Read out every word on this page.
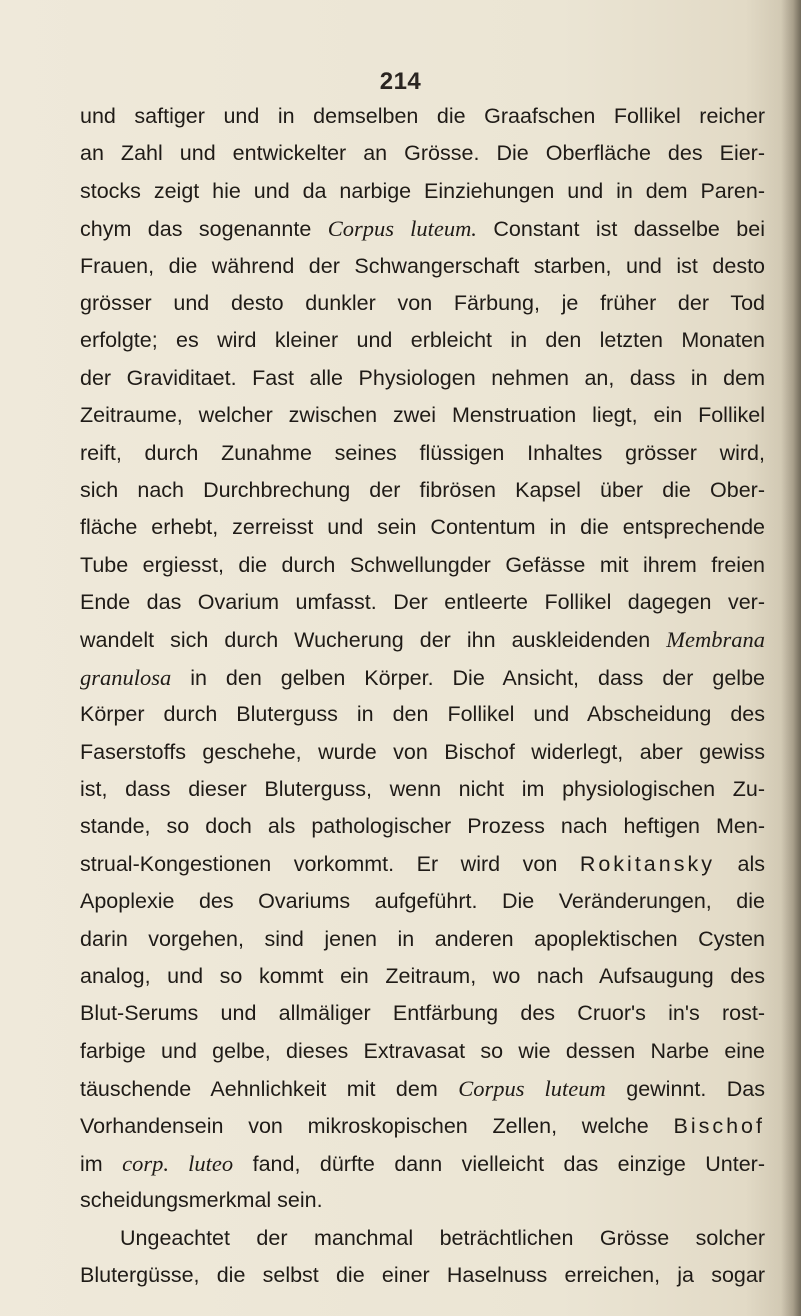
214
und saftiger und in demselben die Graafschen Follikel reicher
an Zahl und entwickelter an Grösse. Die Oberfläche des Eier-
stocks zeigt hie und da narbige Einziehungen und in dem Paren-
chym das sogenannte Corpus luteum. Constant ist dasselbe bei
Frauen, die während der Schwangerschaft starben, und ist desto
grösser und desto dunkler von Färbung, je früher der Tod
erfolgte; es wird kleiner und erbleicht in den letzten Monaten
der Graviditaet. Fast alle Physiologen nehmen an, dass in dem
Zeitraume, welcher zwischen zwei Menstruation liegt, ein Follikel
reift, durch Zunahme seines flüssigen Inhaltes grösser wird,
sich nach Durchbrechung der fibrösen Kapsel über die Ober-
fläche erhebt, zerreisst und sein Contentum in die entsprechende
Tube ergiesst, die durch Schwellungder Gefässe mit ihrem freien
Ende das Ovarium umfasst. Der entleerte Follikel dagegen ver-
wandelt sich durch Wucherung der ihn auskleidenden Membrana
granulosa in den gelben Körper. Die Ansicht, dass der gelbe
Körper durch Bluterguss in den Follikel und Abscheidung des
Faserstoffs geschehe, wurde von Bischof widerlegt, aber gewiss
ist, dass dieser Bluterguss, wenn nicht im physiologischen Zu-
stande, so doch als pathologischer Prozess nach heftigen Men-
strual-Kongestionen vorkommt. Er wird von Rokitansky als
Apoplexie des Ovariums aufgeführt. Die Veränderungen, die
darin vorgehen, sind jenen in anderen apoplektischen Cysten
analog, und so kommt ein Zeitraum, wo nach Aufsaugung des
Blut-Serums und allmäliger Entfärbung des Cruor's in's rost-
farbige und gelbe, dieses Extravasat so wie dessen Narbe eine
täuschende Aehnlichkeit mit dem Corpus luteum gewinnt. Das
Vorhandensein von mikroskopischen Zellen, welche Bischof
im corp. luteo fand, dürfte dann vielleicht das einzige Unter-
scheidungsmerkmal sein.
Ungeachtet der manchmal beträchtlichen Grösse solcher
Blutergüsse, die selbst die einer Haselnuss erreichen, ja sogar
